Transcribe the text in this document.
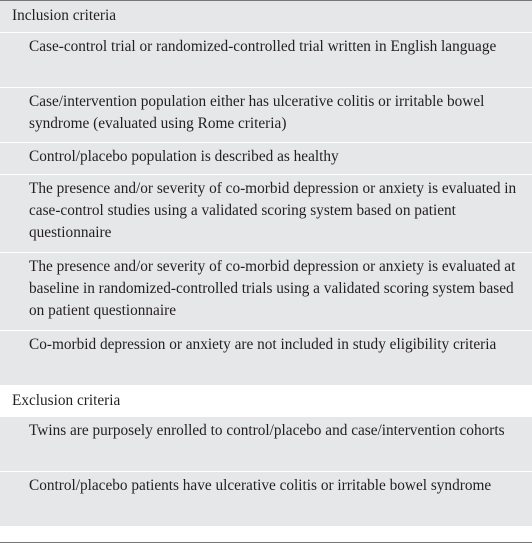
Inclusion criteria
Case-control trial or randomized-controlled trial written in English language
Case/intervention population either has ulcerative colitis or irritable bowel syndrome (evaluated using Rome criteria)
Control/placebo population is described as healthy
The presence and/or severity of co-morbid depression or anxiety is evaluated in case-control studies using a validated scoring system based on patient questionnaire
The presence and/or severity of co-morbid depression or anxiety is evaluated at baseline in randomized-controlled trials using a validated scoring system based on patient questionnaire
Co-morbid depression or anxiety are not included in study eligibility criteria
Exclusion criteria
Twins are purposely enrolled to control/placebo and case/intervention cohorts
Control/placebo patients have ulcerative colitis or irritable bowel syndrome
